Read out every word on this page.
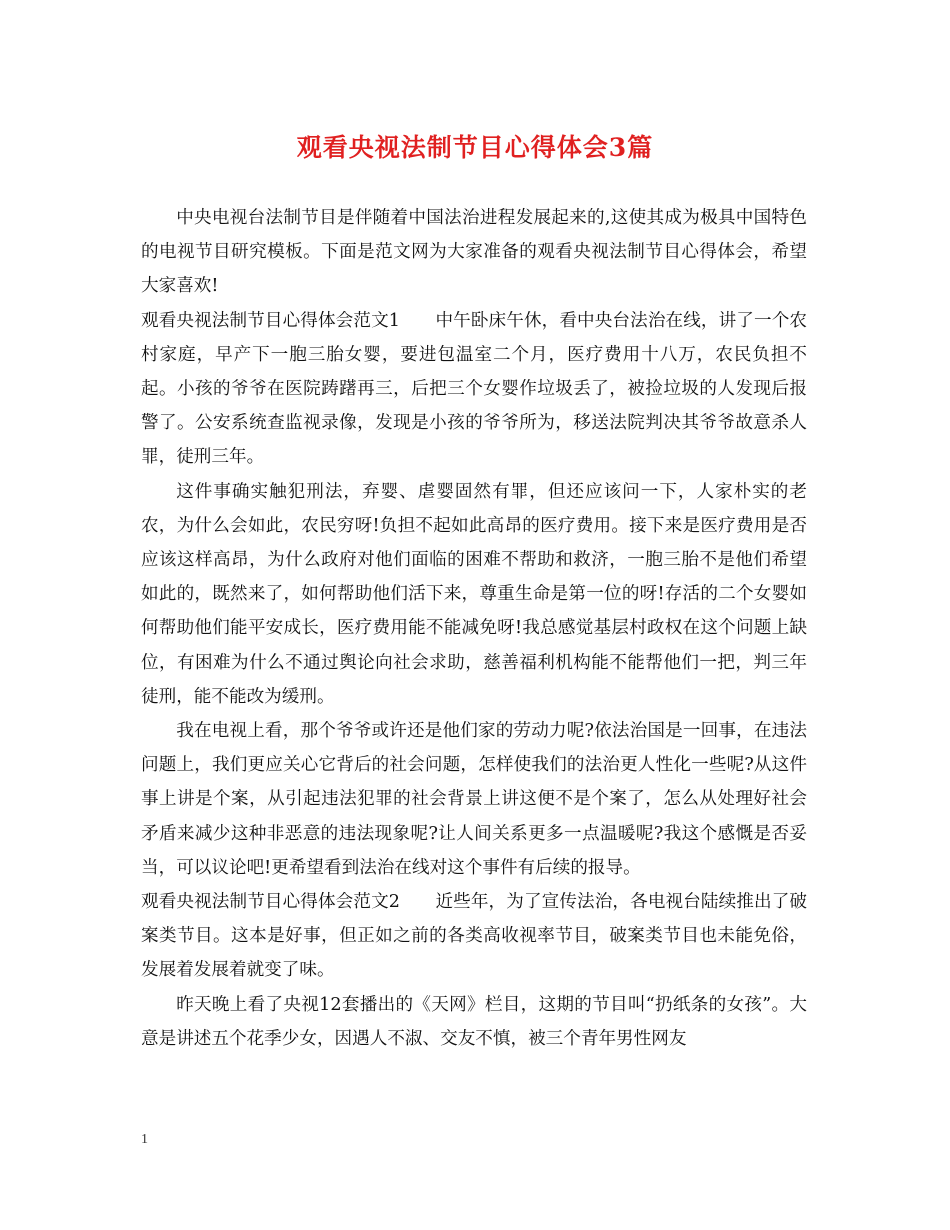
观看央视法制节目心得体会3篇

中央电视台法制节目是伴随着中国法治进程发展起来的,这使其成为极具中国特色的电视节目研究模板。下面是范文网为大家准备的观看央视法制节目心得体会，希望大家喜欢!

观看央视法制节目心得体会范文1　　中午卧床午休，看中央台法治在线，讲了一个农村家庭，早产下一胞三胎女婴，要进包温室二个月，医疗费用十八万，农民负担不起。小孩的爷爷在医院踌躇再三，后把三个女婴作垃圾丢了，被捡垃圾的人发现后报警了。公安系统查监视录像，发现是小孩的爷爷所为，移送法院判决其爷爷故意杀人罪，徒刑三年。

这件事确实触犯刑法，弃婴、虐婴固然有罪，但还应该问一下，人家朴实的老农，为什么会如此，农民穷呀!负担不起如此高昂的医疗费用。接下来是医疗费用是否应该这样高昂，为什么政府对他们面临的困难不帮助和救济，一胞三胎不是他们希望如此的，既然来了，如何帮助他们活下来，尊重生命是第一位的呀!存活的二个女婴如何帮助他们能平安成长，医疗费用能不能减免呀!我总感觉基层村政权在这个问题上缺位，有困难为什么不通过舆论向社会求助，慈善福利机构能不能帮他们一把，判三年徒刑，能不能改为缓刑。

我在电视上看，那个爷爷或许还是他们家的劳动力呢?依法治国是一回事，在违法问题上，我们更应关心它背后的社会问题，怎样使我们的法治更人性化一些呢?从这件事上讲是个案，从引起违法犯罪的社会背景上讲这便不是个案了，怎么从处理好社会矛盾来减少这种非恶意的违法现象呢?让人间关系更多一点温暖呢?我这个感慨是否妥当，可以议论吧!更希望看到法治在线对这个事件有后续的报导。

观看央视法制节目心得体会范文2　　近些年，为了宣传法治，各电视台陆续推出了破案类节目。这本是好事，但正如之前的各类高收视率节目，破案类节目也未能免俗，发展着发展着就变了味。

昨天晚上看了央视12套播出的《天网》栏目，这期的节目叫“扔纸条的女孩”。大意是讲述五个花季少女，因遇人不淑、交友不慎，被三个青年男性网友

1
